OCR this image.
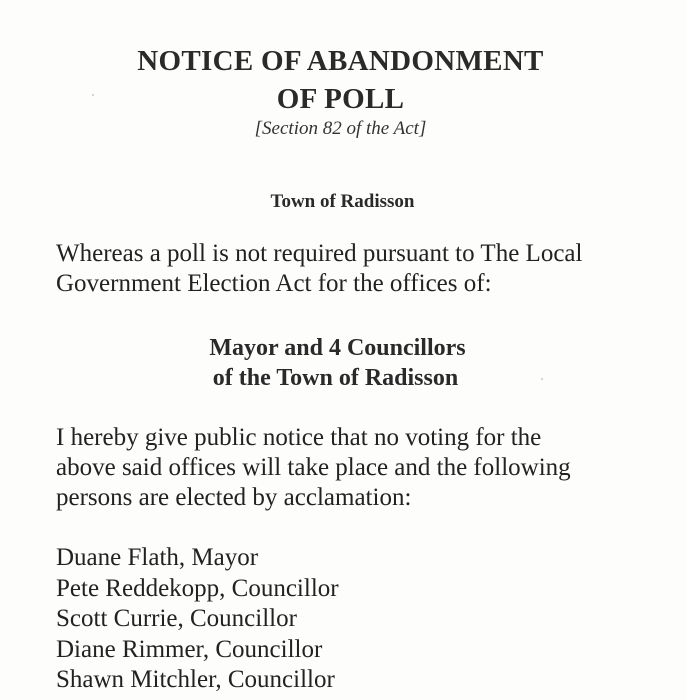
NOTICE OF ABANDONMENT
OF POLL
[Section 82 of the Act]
Town of Radisson
Whereas a poll is not required pursuant to The Local
Government Election Act for the offices of:
Mayor and 4 Councillors
of the Town of Radisson
I hereby give public notice that no voting for the
above said offices will take place and the following
persons are elected by acclamation:
Duane Flath, Mayor
Pete Reddekopp, Councillor
Scott Currie, Councillor
Diane Rimmer, Councillor
Shawn Mitchler, Councillor
